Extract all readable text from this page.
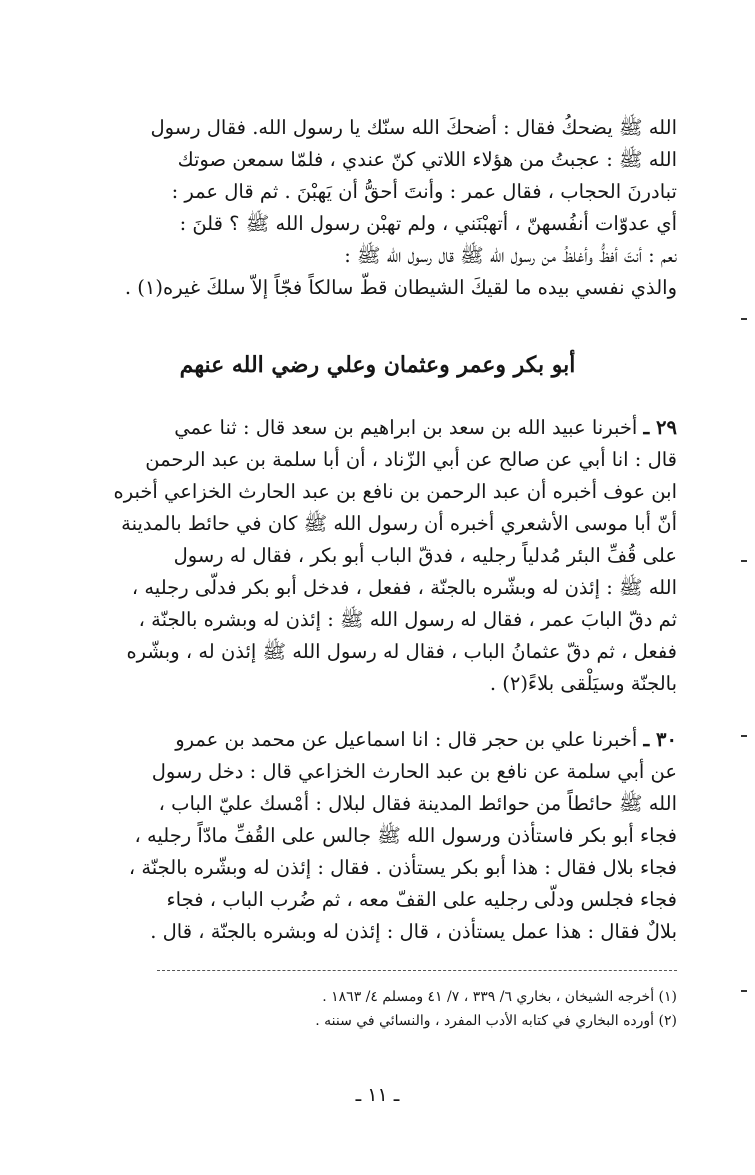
الله ﷺ يضحكُ فقال : أضحكَ الله سنّك يا رسول الله. فقال رسول
الله ﷺ : عجبتُ من هؤلاء اللاتي كنّ عندي ، فلمّا سمعن صوتك
تبادرنَ الحجاب ، فقال عمر : وأنتَ أحقُّ أن يَهبْنَ . ثم قال عمر :
أي عدوّات أنفُسهنّ ، أتهبْنَني ، ولم تهبْن رسول الله ﷺ ؟ قلنَ :
نعم : أنتَ أفظُّ وأغلظُ من رسول الله ﷺ قال رسول الله ﷺ :
والذي نفسي بيده ما لقيكَ الشيطان قطّ سالكاً فجّاً إلاّ سلكَ غيره(١) .
أبو بكر وعمر وعثمان وعلي رضي الله عنهم
٢٩ ـ أخبرنا عبيد الله بن سعد بن ابراهيم بن سعد قال : ثنا عمي
قال : انا أبي عن صالح عن أبي الزّناد ، أن أبا سلمة بن عبد الرحمن
ابن عوف أخبره أن عبد الرحمن بن نافع بن عبد الحارث الخزاعي أخبره
أنّ أبا موسى الأشعري أخبره أن رسول الله ﷺ كان في حائط بالمدينة
على قُفِّ البئر مُدلياً رجليه ، فدقّ الباب أبو بكر ، فقال له رسول
الله ﷺ : إئذن له وبشّره بالجنّة ، ففعل ، فدخل أبو بكر فدلّى رجليه ،
ثم دقّ البابَ عمر ، فقال له رسول الله ﷺ : إئذن له وبشره بالجنّة ،
ففعل ، ثم دقّ عثمانُ الباب ، فقال له رسول الله ﷺ إئذن له ، وبشّره
بالجنّة وسيَلْقى بلاءً(٢) .
٣٠ ـ أخبرنا علي بن حجر قال : انا اسماعيل عن محمد بن عمرو
عن أبي سلمة عن نافع بن عبد الحارث الخزاعي قال : دخل رسول
الله ﷺ حائطاً من حوائط المدينة فقال لبلال : أمْسك عليّ الباب ،
فجاء أبو بكر فاستأذن ورسول الله ﷺ جالس على القُفِّ مادّاً رجليه ،
فجاء بلال فقال : هذا أبو بكر يستأذن . فقال : إئذن له وبشّره بالجنّة ،
فجاء فجلس ودلّى رجليه على القفّ معه ، ثم ضُرب الباب ، فجاء
بلالٌ فقال : هذا عمل يستأذن ، قال : إئذن له وبشره بالجنّة ، قال .
(١) أخرجه الشيخان ، بخاري ٦/ ٣٣٩ ، ٧/ ٤١ ومسلم ٤/ ١٨٦٣ .
(٢) أورده البخاري في كتابه الأدب المفرد ، والنسائي في سننه .
ـ ١١ ـ
